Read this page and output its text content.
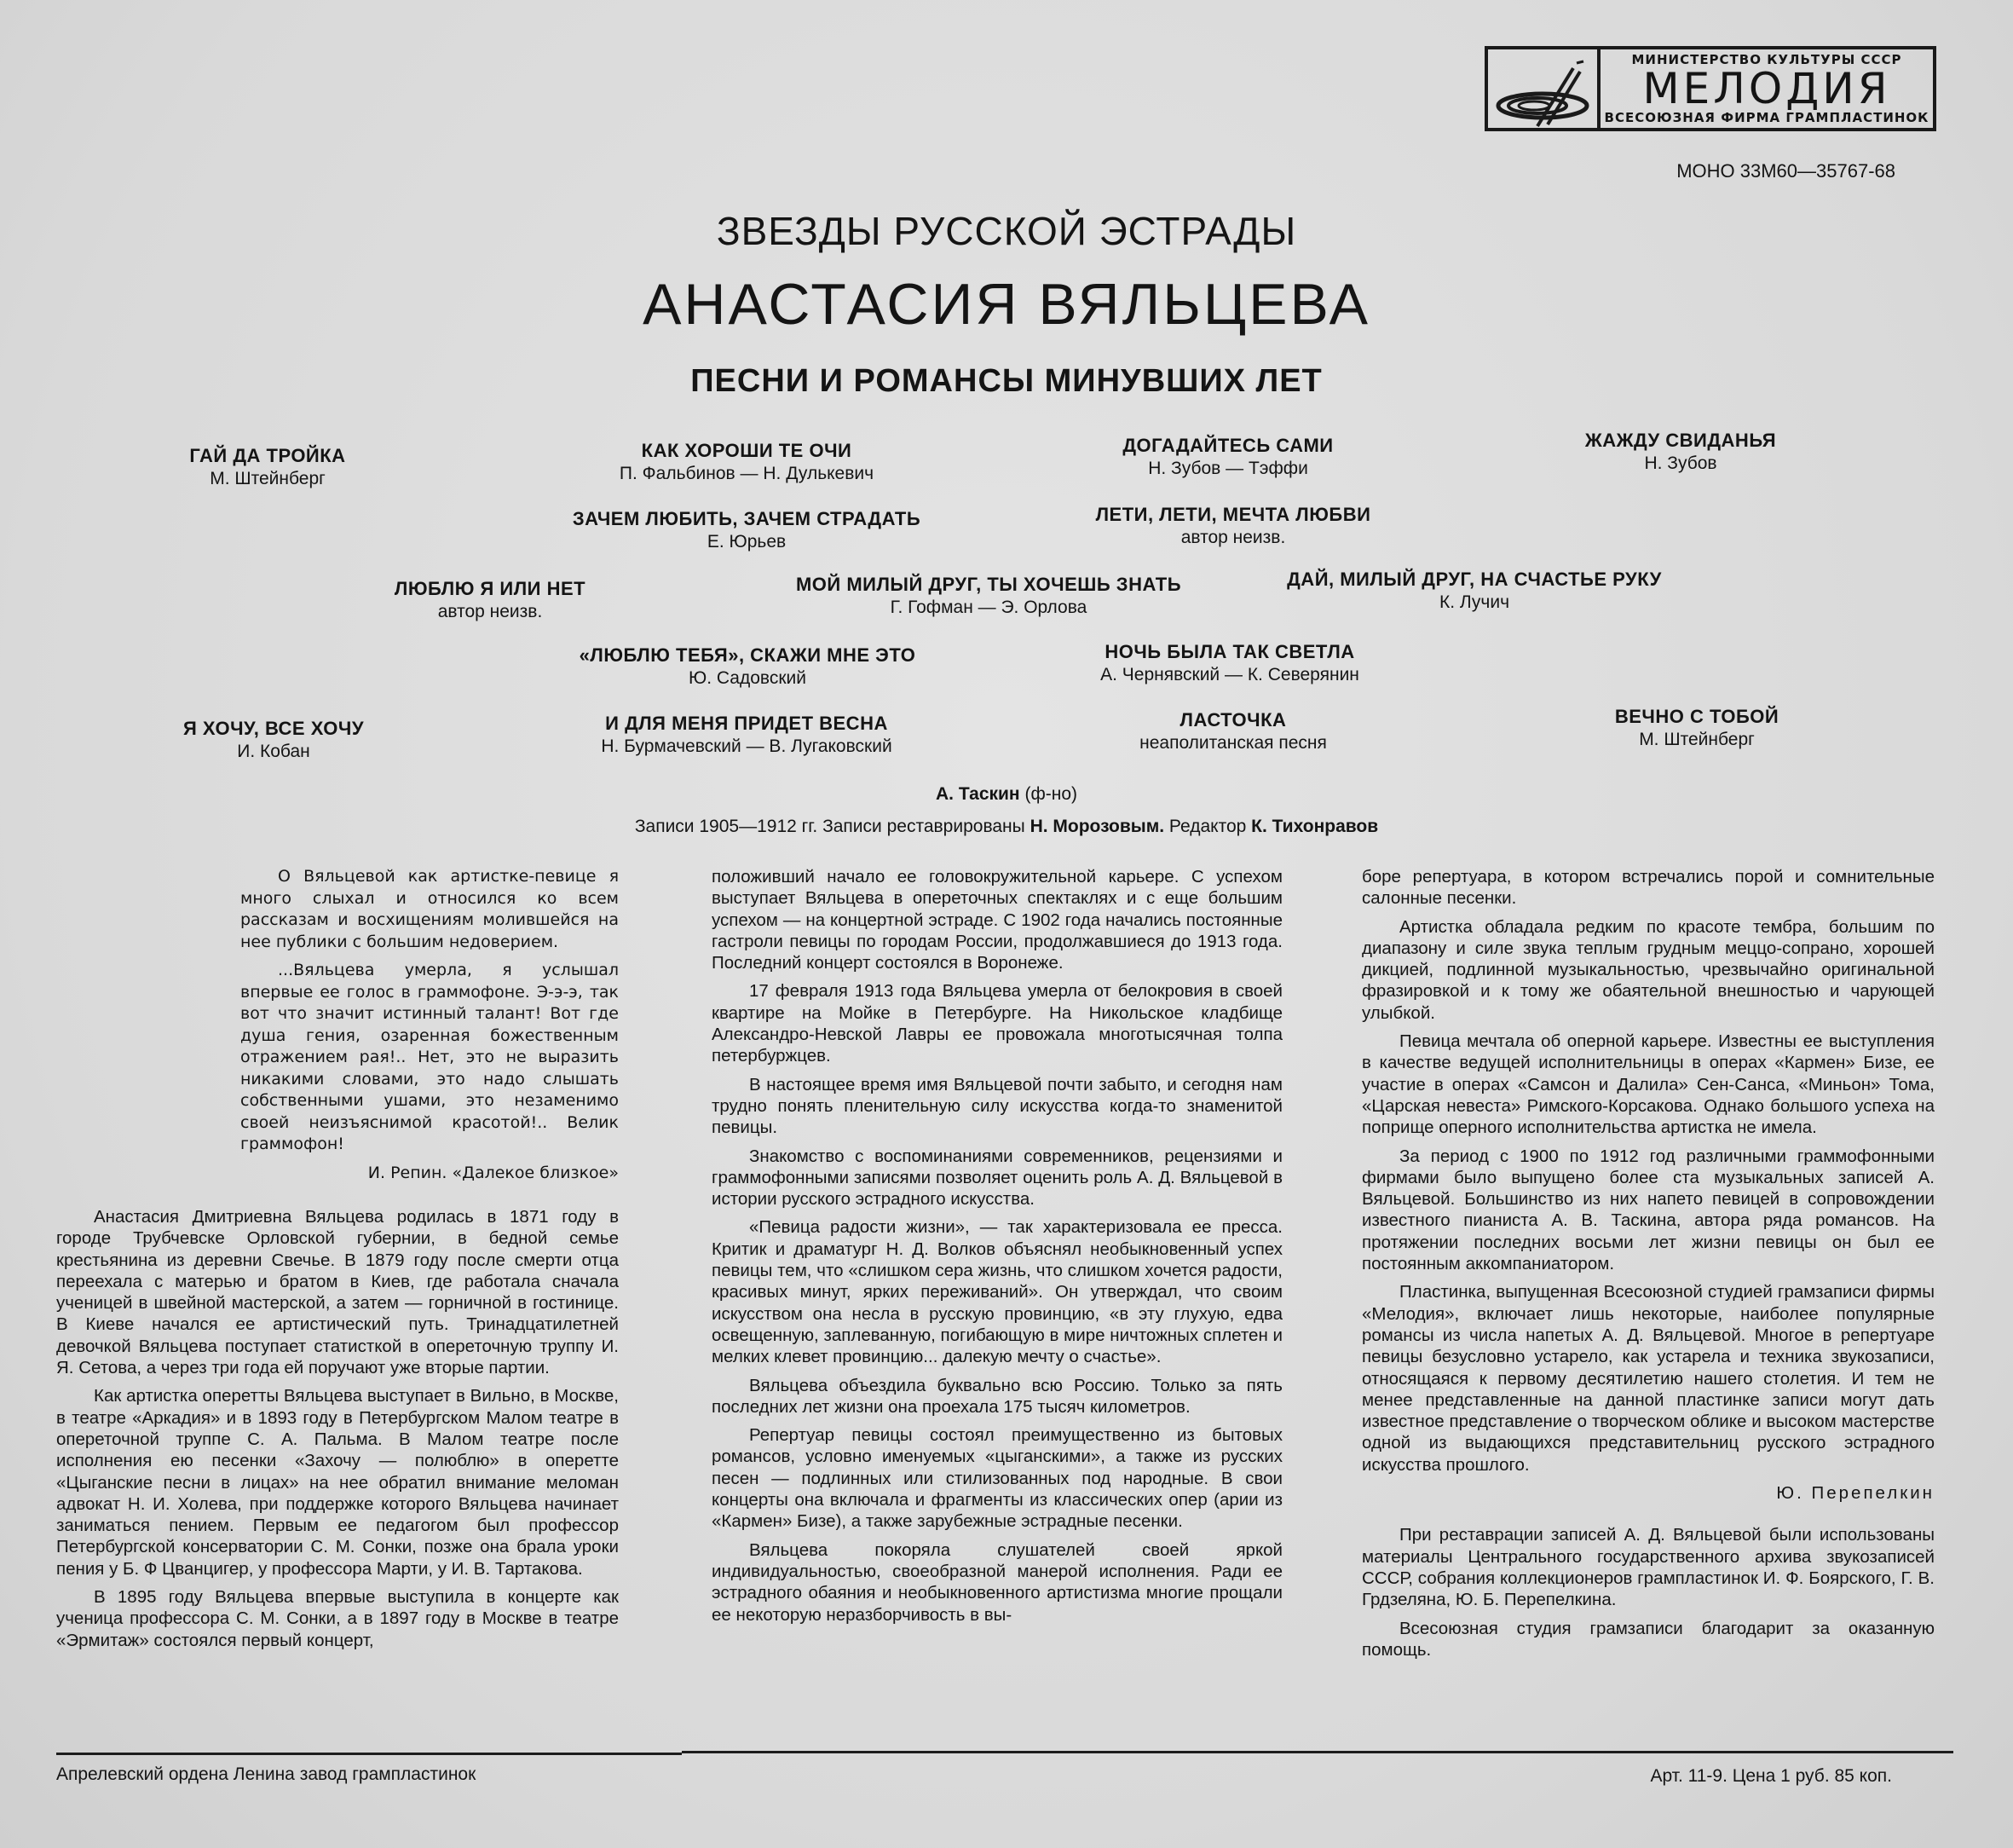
МИНИСТЕРСТВО КУЛЬТУРЫ СССР
МЕЛОДИЯ
ВСЕСОЮЗНАЯ ФИРМА ГРАМПЛАСТИНОК
МОНО 33М60—35767-68
ЗВЕЗДЫ РУССКОЙ ЭСТРАДЫ
АНАСТАСИЯ ВЯЛЬЦЕВА
ПЕСНИ И РОМАНСЫ МИНУВШИХ ЛЕТ
ГАЙ ДА ТРОЙКА
М. Штейнберг
КАК ХОРОШИ ТЕ ОЧИ
П. Фальбинов — Н. Дулькевич
ДОГАДАЙТЕСЬ САМИ
Н. Зубов — Тэффи
ЖАЖДУ СВИДАНЬЯ
Н. Зубов
ЗАЧЕМ ЛЮБИТЬ, ЗАЧЕМ СТРАДАТЬ
Е. Юрьев
ЛЕТИ, ЛЕТИ, МЕЧТА ЛЮБВИ
автор неизв.
ЛЮБЛЮ Я ИЛИ НЕТ
автор неизв.
МОЙ МИЛЫЙ ДРУГ, ТЫ ХОЧЕШЬ ЗНАТЬ
Г. Гофман — Э. Орлова
ДАЙ, МИЛЫЙ ДРУГ, НА СЧАСТЬЕ РУКУ
К. Лучич
«ЛЮБЛЮ ТЕБЯ», СКАЖИ МНЕ ЭТО
Ю. Садовский
НОЧЬ БЫЛА ТАК СВЕТЛА
А. Чернявский — К. Северянин
Я ХОЧУ, ВСЕ ХОЧУ
И. Кобан
И ДЛЯ МЕНЯ ПРИДЕТ ВЕСНА
Н. Бурмачевский — В. Лугаковский
ЛАСТОЧКА
неаполитанская песня
ВЕЧНО С ТОБОЙ
М. Штейнберг
А. Таскин (ф-но)
Записи 1905—1912 гг. Записи реставрированы Н. Морозовым. Редактор К. Тихонравов

О Вяльцевой как артистке-певице я много слыхал и относился ко всем рассказам и восхищениям молившейся на нее публики с большим недоверием.

...Вяльцева умерла, я услышал впервые ее голос в граммофоне. Э-э-э, так вот что значит истинный талант! Вот где душа гения, озаренная божественным отражением рая!.. Нет, это не выразить никакими словами, это надо слышать собственными ушами, это незаменимо своей неизъяснимой красотой!.. Велик граммофон!

И. Репин. «Далекое близкое»

Анастасия Дмитриевна Вяльцева родилась в 1871 году в городе Трубчевске Орловской губернии, в бедной семье крестьянина из деревни Свечье. В 1879 году после смерти отца переехала с матерью и братом в Киев, где работала сначала ученицей в швейной мастерской, а затем — горничной в гостинице. В Киеве начался ее артистический путь. Тринадцатилетней девочкой Вяльцева поступает статисткой в опереточную труппу И. Я. Сетова, а через три года ей поручают уже вторые партии.

Как артистка оперетты Вяльцева выступает в Вильно, в Москве, в театре «Аркадия» и в 1893 году в Петербургском Малом театре в опереточной труппе С. А. Пальма. В Малом театре после исполнения ею песенки «Захочу — полюблю» в оперетте «Цыганские песни в лицах» на нее обратил внимание меломан адвокат Н. И. Холева, при поддержке которого Вяльцева начинает заниматься пением. Первым ее педагогом был профессор Петербургской консерватории С. М. Сонки, позже она брала уроки пения у Б. Ф Цванцигер, у профессора Марти, у И. В. Тартакова.

В 1895 году Вяльцева впервые выступила в концерте как ученица профессора С. М. Сонки, а в 1897 году в Москве в театре «Эрмитаж» состоялся первый концерт,

положивший начало ее головокружительной карьере. С успехом выступает Вяльцева в опереточных спектаклях и с еще большим успехом — на концертной эстраде. С 1902 года начались постоянные гастроли певицы по городам России, продолжавшиеся до 1913 года. Последний концерт состоялся в Воронеже.

17 февраля 1913 года Вяльцева умерла от белокровия в своей квартире на Мойке в Петербурге. На Никольское кладбище Александро-Невской Лавры ее провожала многотысячная толпа петербуржцев.

В настоящее время имя Вяльцевой почти забыто, и сегодня нам трудно понять пленительную силу искусства когда-то знаменитой певицы.

Знакомство с воспоминаниями современников, рецензиями и граммофонными записями позволяет оценить роль А. Д. Вяльцевой в истории русского эстрадного искусства.

«Певица радости жизни», — так характеризовала ее пресса. Критик и драматург Н. Д. Волков объяснял необыкновенный успех певицы тем, что «слишком сера жизнь, что слишком хочется радости, красивых минут, ярких переживаний». Он утверждал, что своим искусством она несла в русскую провинцию, «в эту глухую, едва освещенную, заплеванную, погибающую в мире ничтожных сплетен и мелких клевет провинцию... далекую мечту о счастье».

Вяльцева объездила буквально всю Россию. Только за пять последних лет жизни она проехала 175 тысяч километров.

Репертуар певицы состоял преимущественно из бытовых романсов, условно именуемых «цыганскими», а также из русских песен — подлинных или стилизованных под народные. В свои концерты она включала и фрагменты из классических опер (арии из «Кармен» Бизе), а также зарубежные эстрадные песенки.

Вяльцева покоряла слушателей своей яркой индивидуальностью, своеобразной манерой исполнения. Ради ее эстрадного обаяния и необыкновенного артистизма многие прощали ее некоторую неразборчивость в вы-

боре репертуара, в котором встречались порой и сомнительные салонные песенки.

Артистка обладала редким по красоте тембра, большим по диапазону и силе звука теплым грудным меццо-сопрано, хорошей дикцией, подлинной музыкальностью, чрезвычайно оригинальной фразировкой и к тому же обаятельной внешностью и чарующей улыбкой.

Певица мечтала об оперной карьере. Известны ее выступления в качестве ведущей исполнительницы в операх «Кармен» Бизе, ее участие в операх «Самсон и Далила» Сен-Санса, «Миньон» Тома, «Царская невеста» Римского-Корсакова. Однако большого успеха на поприще оперного исполнительства артистка не имела.

За период с 1900 по 1912 год различными граммофонными фирмами было выпущено более ста музыкальных записей А. Вяльцевой. Большинство из них напето певицей в сопровождении известного пианиста А. В. Таскина, автора ряда романсов. На протяжении последних восьми лет жизни певицы он был ее постоянным аккомпаниатором.

Пластинка, выпущенная Всесоюзной студией грамзаписи фирмы «Мелодия», включает лишь некоторые, наиболее популярные романсы из числа напетых А. Д. Вяльцевой. Многое в репертуаре певицы безусловно устарело, как устарела и техника звукозаписи, относящаяся к первому десятилетию нашего столетия. И тем не менее представленные на данной пластинке записи могут дать известное представление о творческом облике и высоком мастерстве одной из выдающихся представительниц русского эстрадного искусства прошлого.

Ю. Перепелкин

При реставрации записей А. Д. Вяльцевой были использованы материалы Центрального государственного архива звукозаписей СССР, собрания коллекционеров грампластинок И. Ф. Боярского, Г. В. Грдзеляна, Ю. Б. Перепелкина.

Всесоюзная студия грамзаписи благодарит за оказанную помощь.

Апрелевский ордена Ленина завод грампластинок	Арт. 11-9. Цена 1 руб. 85 коп.
